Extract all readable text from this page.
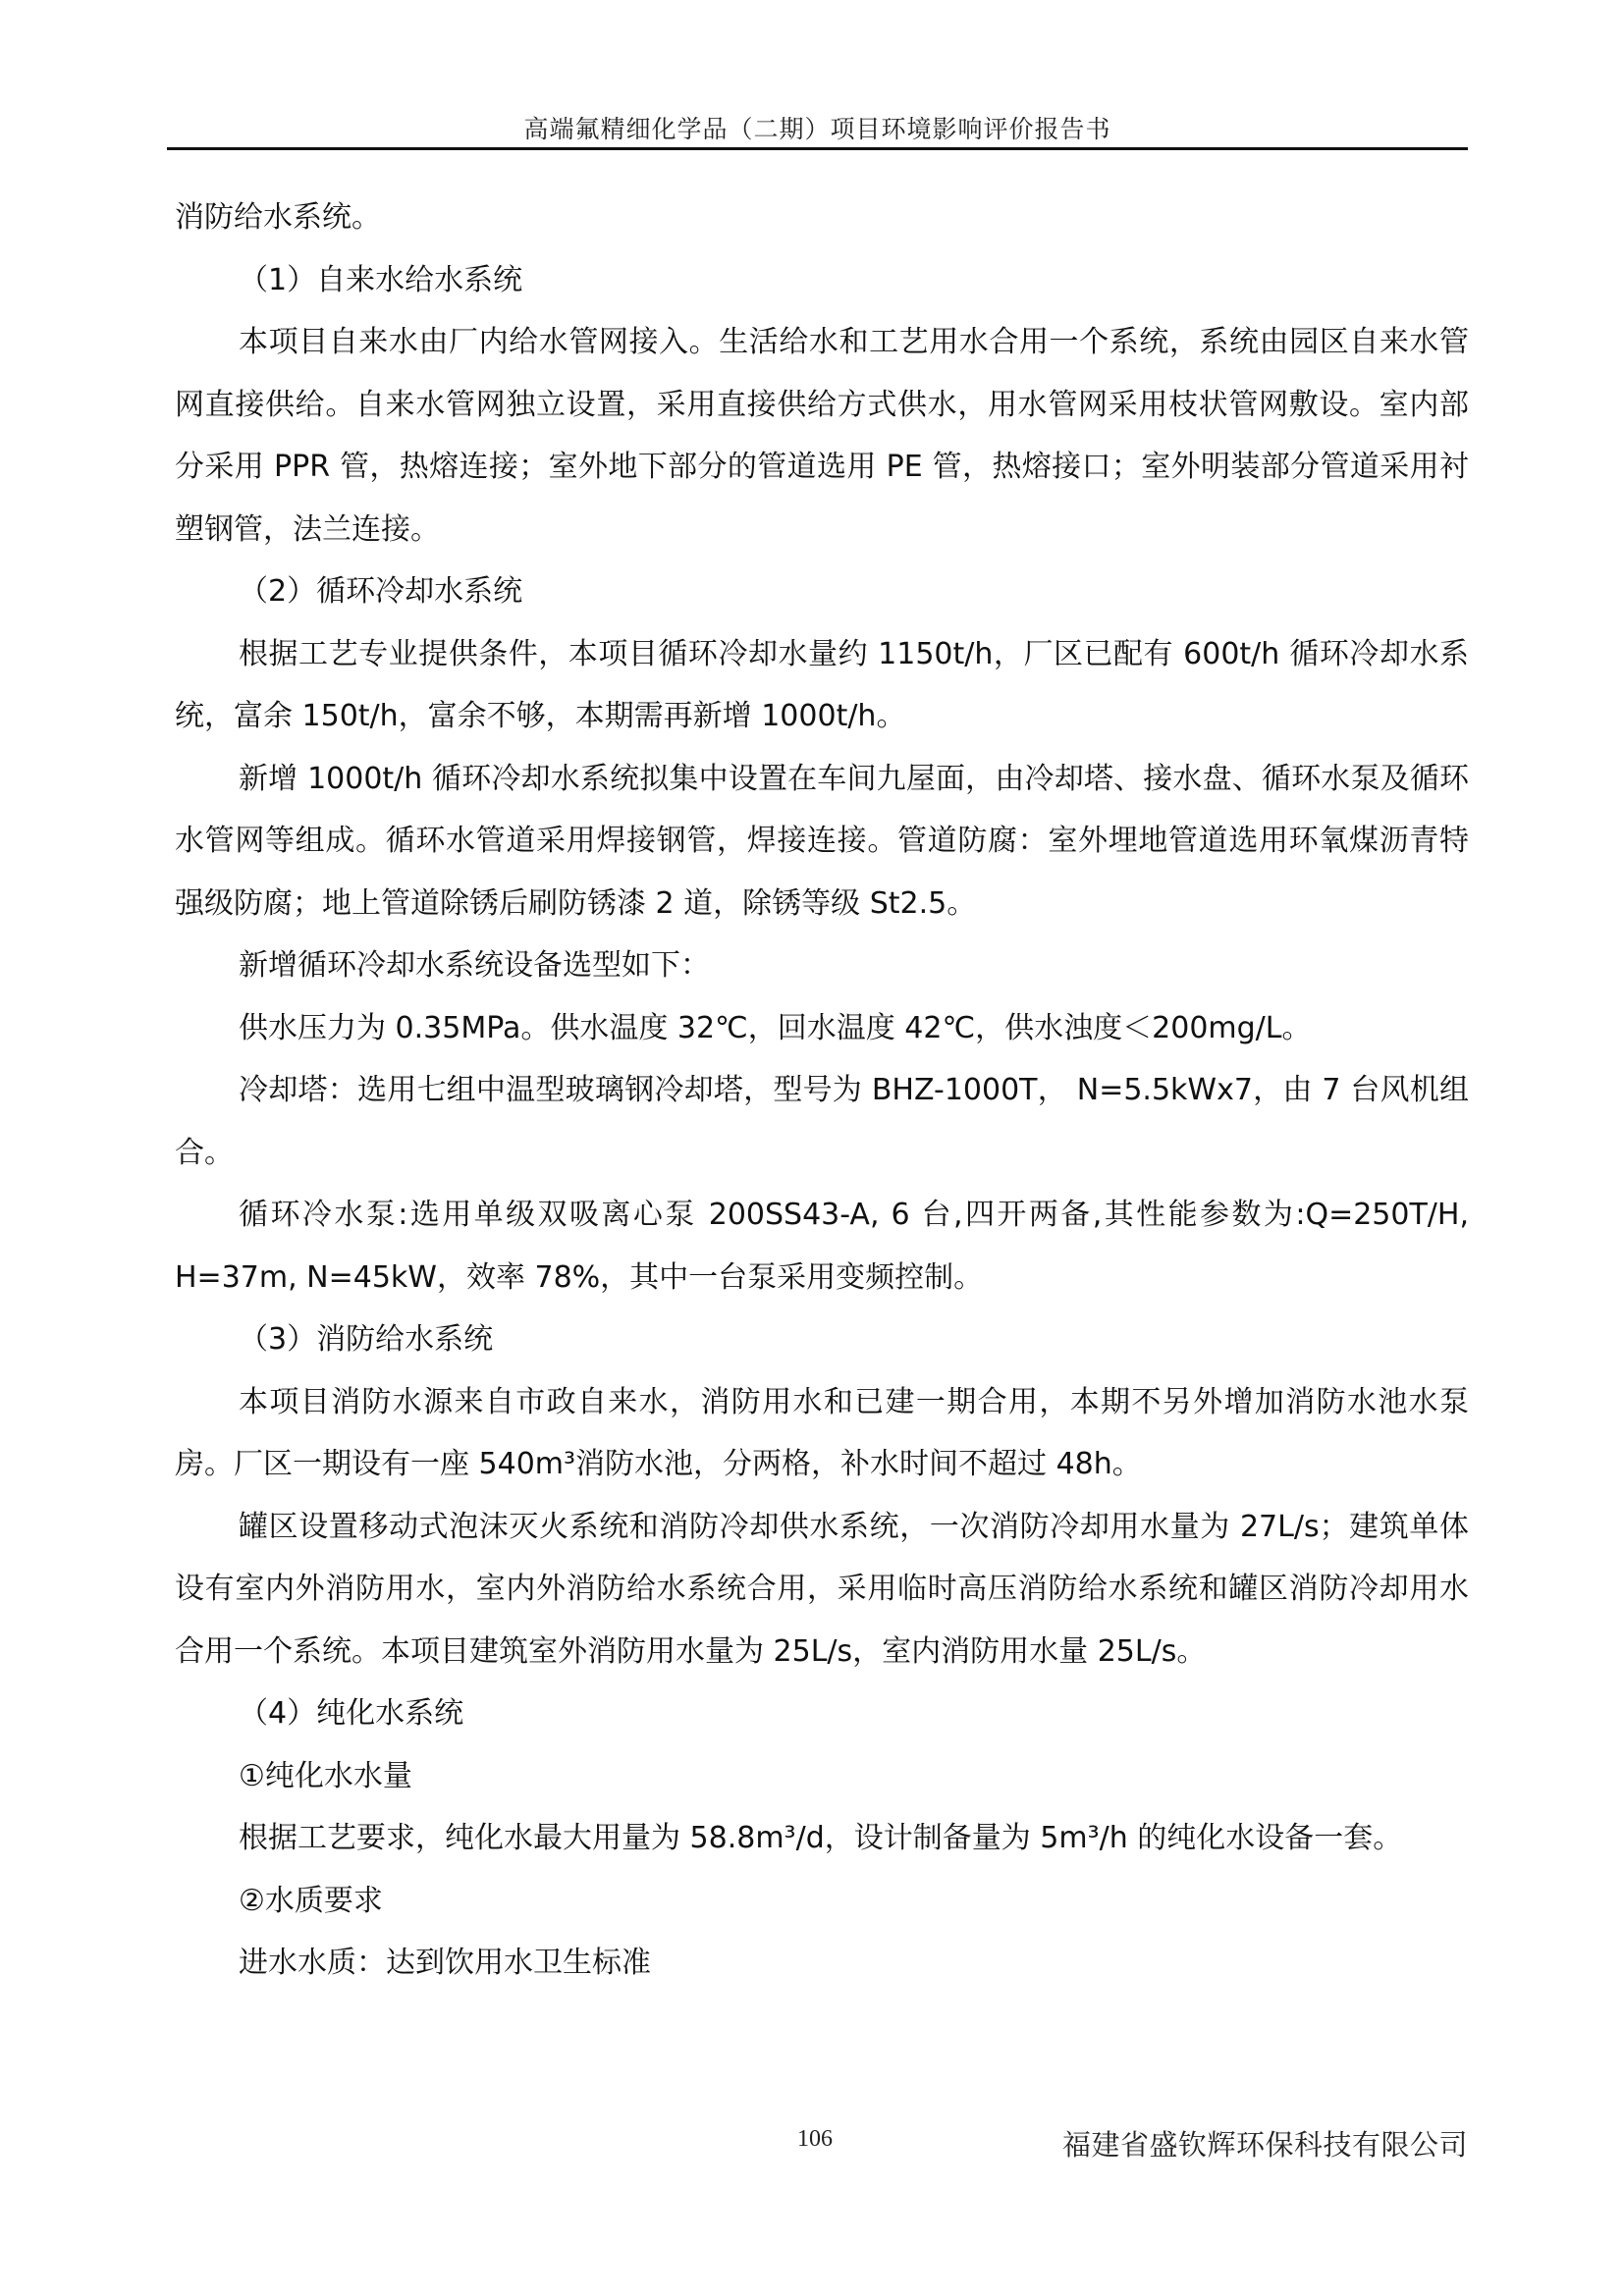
高端氟精细化学品（二期）项目环境影响评价报告书

消防给水系统。

（1）自来水给水系统

本项目自来水由厂内给水管网接入。生活给水和工艺用水合用一个系统，系统由园区自来水管网直接供给。自来水管网独立设置，采用直接供给方式供水，用水管网采用枝状管网敷设。室内部分采用 PPR 管，热熔连接；室外地下部分的管道选用 PE 管，热熔接口；室外明装部分管道采用衬塑钢管，法兰连接。

（2）循环冷却水系统

根据工艺专业提供条件，本项目循环冷却水量约 1150t/h，厂区已配有 600t/h 循环冷却水系统，富余 150t/h，富余不够，本期需再新增 1000t/h。

新增 1000t/h 循环冷却水系统拟集中设置在车间九屋面，由冷却塔、接水盘、循环水泵及循环水管网等组成。循环水管道采用焊接钢管，焊接连接。管道防腐：室外埋地管道选用环氧煤沥青特强级防腐；地上管道除锈后刷防锈漆 2 道，除锈等级 St2.5。

新增循环冷却水系统设备选型如下：

供水压力为 0.35MPa。供水温度 32℃，回水温度 42℃，供水浊度＜200mg/L。

冷却塔：选用七组中温型玻璃钢冷却塔，型号为 BHZ-1000T， N=5.5kWx7，由 7 台风机组合。

循环冷水泵:选用单级双吸离心泵 200SS43-A, 6 台,四开两备,其性能参数为:Q=250T/H, H=37m, N=45kW，效率 78%，其中一台泵采用变频控制。

（3）消防给水系统

本项目消防水源来自市政自来水，消防用水和已建一期合用，本期不另外增加消防水池水泵房。厂区一期设有一座 540m³消防水池，分两格，补水时间不超过 48h。

罐区设置移动式泡沫灭火系统和消防冷却供水系统，一次消防冷却用水量为 27L/s；建筑单体设有室内外消防用水，室内外消防给水系统合用，采用临时高压消防给水系统和罐区消防冷却用水合用一个系统。本项目建筑室外消防用水量为 25L/s，室内消防用水量 25L/s。

（4）纯化水系统

①纯化水水量

根据工艺要求，纯化水最大用量为 58.8m³/d，设计制备量为 5m³/h 的纯化水设备一套。

②水质要求

进水水质：达到饮用水卫生标准

106	福建省盛钦辉环保科技有限公司
